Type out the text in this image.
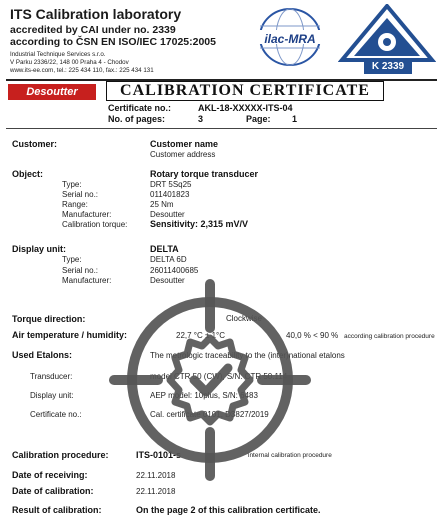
ITS Calibration laboratory
accredited by CAI under no. 2339
according to ČSN EN ISO/IEC 17025:2005
Industrial Technique Services s.r.o.
V Parku 2336/22, 148 00 Praha 4 - Chodov
www.its-ee.com, tel.: 225 434 110, fax.: 225 434 131
ilac-MRA
K 2339
Desoutter	CALIBRATION CERTIFICATE
Certificate no.:	AKL-18-XXXXX-ITS-04
No. of pages:	3	Page: 1
Customer:	Customer name
Customer address
Object:	Rotary torque transducer
Type:	DRT 5Sq25
Serial no.:	011401823
Range:	25 Nm
Manufacturer:	Desoutter
Calibration torque:	Sensitivity: 2,315 mV/V
Display unit:	DELTA
Type:	DELTA 6D
Serial no.:	26011400685
Manufacturer:	Desoutter
Torque direction:	Clockwise
Air temperature / humidity:	22,7 °C ± 1°C	40,0 % < 90 % according calibration procedure
Used Etalons:	The metrologic traceability to the (inter)national etalons
Transducer:	model CTR 50 (CW), S/N: CTR 50.114
Display unit:	AEP model: 10plus, S/N: 6483
Certificate no.:	Cal. certificate 0101, D3827/2019
Calibration procedure:	ITS-0101-s	internal calibration procedure
Date of receiving:	22.11.2018
Date of calibration:	22.11.2018
Result of calibration:	On the page 2 of this calibration certificate.
